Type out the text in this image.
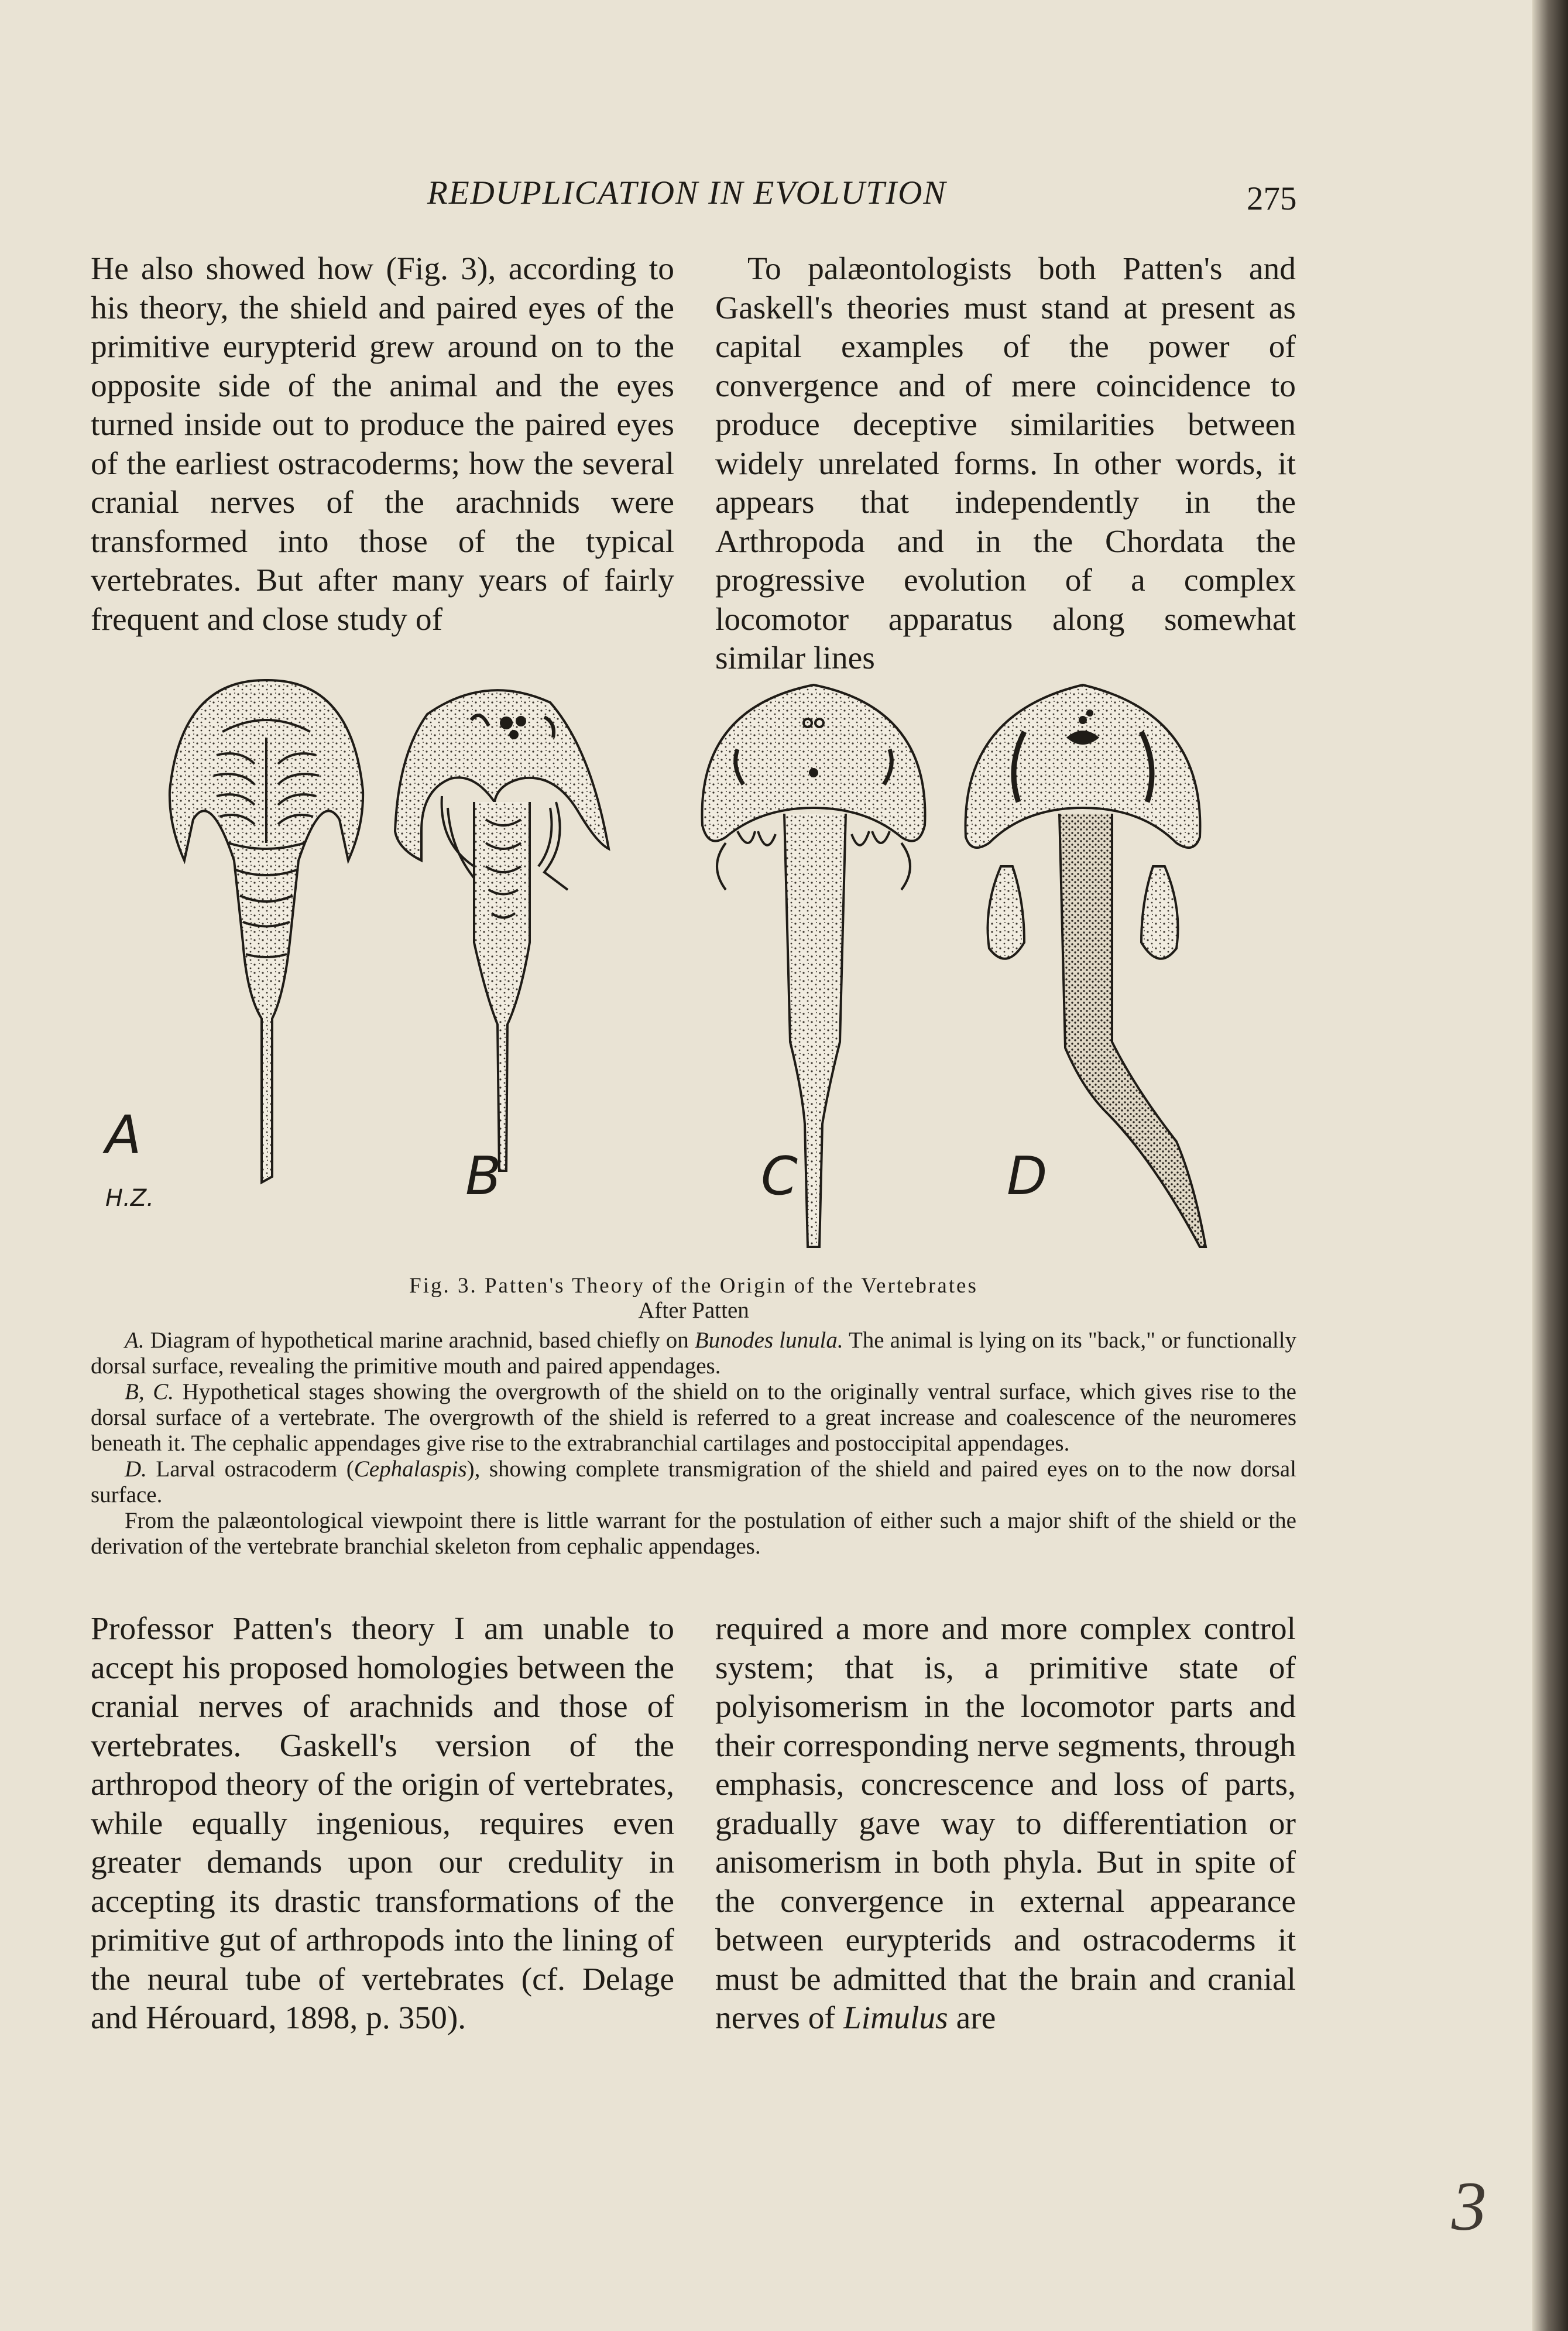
REDUPLICATION IN EVOLUTION	275

He also showed how (Fig. 3), according to his theory, the shield and paired eyes of the primitive eurypterid grew around on to the opposite side of the animal and the eyes turned inside out to produce the paired eyes of the earliest ostracoderms; how the several cranial nerves of the arachnids were transformed into those of the typical vertebrates. But after many years of fairly frequent and close study of

To palæontologists both Patten's and Gaskell's theories must stand at present as capital examples of the power of convergence and of mere coincidence to produce deceptive similarities between widely unrelated forms. In other words, it appears that independently in the Arthropoda and in the Chordata the progressive evolution of a complex locomotor apparatus along somewhat similar lines

A
H.Z.	B	C	D
Fig. 3. Patten's Theory of the Origin of the Vertebrates
After Patten

A. Diagram of hypothetical marine arachnid, based chiefly on Bunodes lunula. The animal is lying on its "back," or functionally dorsal surface, revealing the primitive mouth and paired appendages.

B, C. Hypothetical stages showing the overgrowth of the shield on to the originally ventral surface, which gives rise to the dorsal surface of a vertebrate. The overgrowth of the shield is referred to a great increase and coalescence of the neuromeres beneath it. The cephalic appendages give rise to the extrabranchial cartilages and postoccipital appendages.

D. Larval ostracoderm (Cephalaspis), showing complete transmigration of the shield and paired eyes on to the now dorsal surface.

From the palæontological viewpoint there is little warrant for the postulation of either such a major shift of the shield or the derivation of the vertebrate branchial skeleton from cephalic appendages.

Professor Patten's theory I am unable to accept his proposed homologies between the cranial nerves of arachnids and those of vertebrates. Gaskell's version of the arthropod theory of the origin of vertebrates, while equally ingenious, requires even greater demands upon our credulity in accepting its drastic transformations of the primitive gut of arthropods into the lining of the neural tube of vertebrates (cf. Delage and Hérouard, 1898, p. 350).

required a more and more complex control system; that is, a primitive state of polyisomerism in the locomotor parts and their corresponding nerve segments, through emphasis, concrescence and loss of parts, gradually gave way to differentiation or anisomerism in both phyla. But in spite of the convergence in external appearance between eurypterids and ostracoderms it must be admitted that the brain and cranial nerves of Limulus are

3
